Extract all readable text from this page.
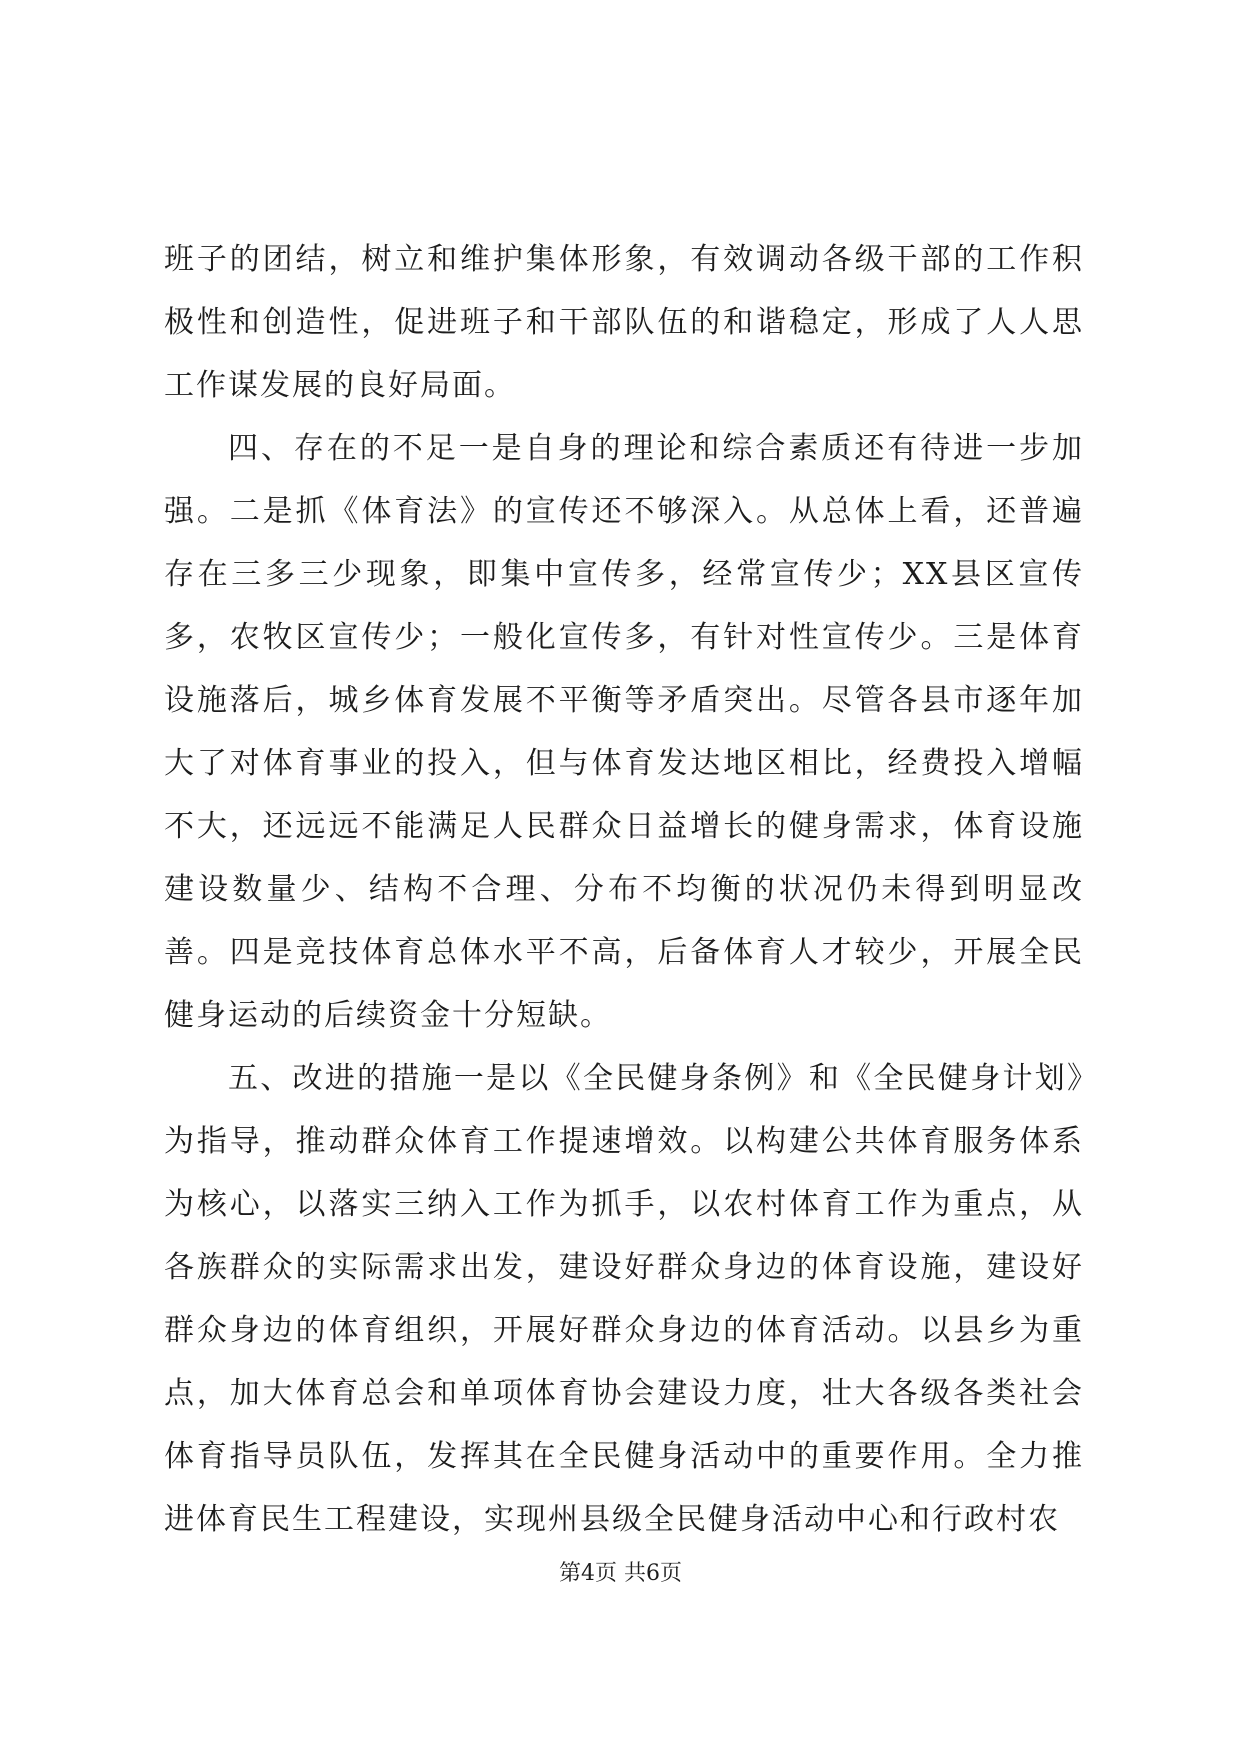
班子的团结，树立和维护集体形象，有效调动各级干部的工作积极性和创造性，促进班子和干部队伍的和谐稳定，形成了人人思工作谋发展的良好局面。

四、存在的不足一是自身的理论和综合素质还有待进一步加强。二是抓《体育法》的宣传还不够深入。从总体上看，还普遍存在三多三少现象，即集中宣传多，经常宣传少；XX县区宣传多，农牧区宣传少；一般化宣传多，有针对性宣传少。三是体育设施落后，城乡体育发展不平衡等矛盾突出。尽管各县市逐年加大了对体育事业的投入，但与体育发达地区相比，经费投入增幅不大，还远远不能满足人民群众日益增长的健身需求，体育设施建设数量少、结构不合理、分布不均衡的状况仍未得到明显改善。四是竞技体育总体水平不高，后备体育人才较少，开展全民健身运动的后续资金十分短缺。

五、改进的措施一是以《全民健身条例》和《全民健身计划》为指导，推动群众体育工作提速增效。以构建公共体育服务体系为核心，以落实三纳入工作为抓手，以农村体育工作为重点，从各族群众的实际需求出发，建设好群众身边的体育设施，建设好群众身边的体育组织，开展好群众身边的体育活动。以县乡为重点，加大体育总会和单项体育协会建设力度，壮大各级各类社会体育指导员队伍，发挥其在全民健身活动中的重要作用。全力推进体育民生工程建设，实现州县级全民健身活动中心和行政村农

第4页 共6页
